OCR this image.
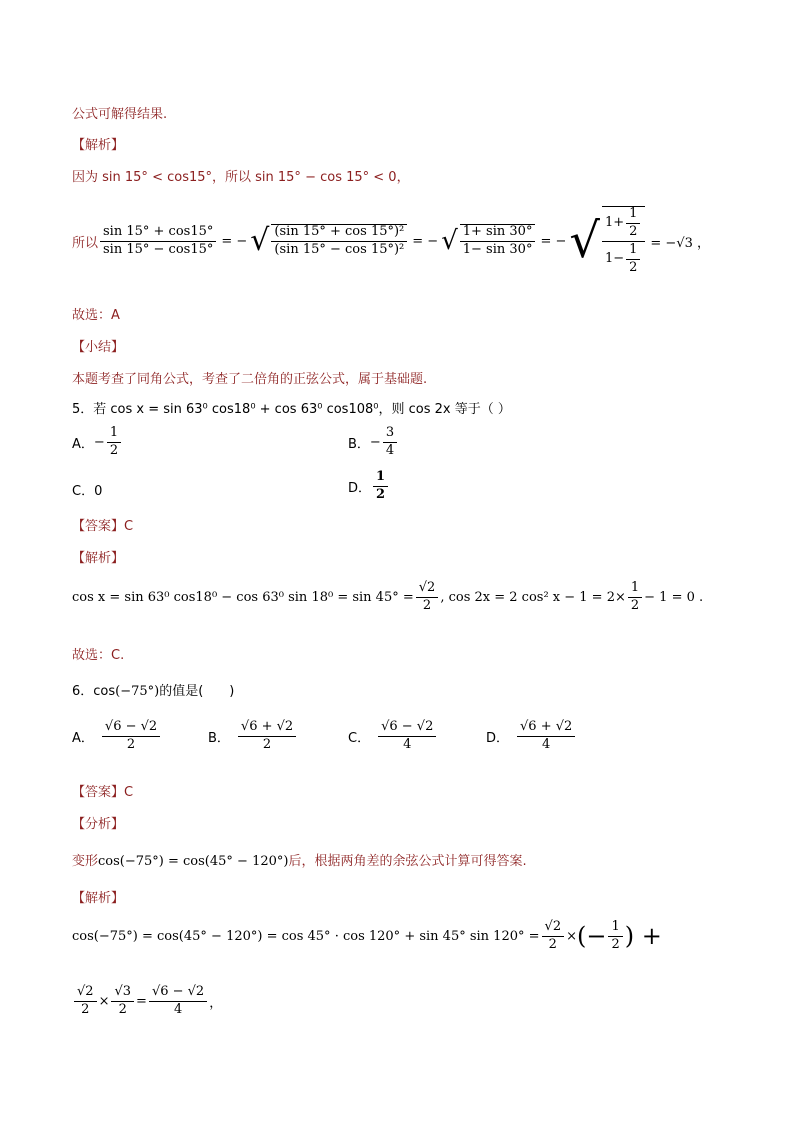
公式可解得结果.
【解析】
因为 sin 15° < cos15°，所以 sin 15° − cos 15° < 0，
所以 $\frac{\sin 15^\circ + \cos 15^\circ}{\sin 15^\circ - \cos 15^\circ}$ = − √ $\frac{\text{(sin 15° + cos 15°)²}}{\text{(sin 15° − cos 15°)²}}$ = − √ $\frac{1+ \sin 30^\circ}{1- \sin 30^\circ}$ = − √ $\frac{1+ \frac{1}{2}}{1- \frac{1}{2}} = -√3$ ，
故选：A
【小结】
本题考查了同角公式，考查了二倍角的正弦公式，属于基础题.
5．若 cos x = sin 63⁰ cos18⁰ + cos 63⁰ cos108⁰，则 cos 2x 等于（ ）
A． − $\frac{1}{2}$	B． − $\frac{3}{4}$
C．0	D． $\frac{1}{2}$
【答案】C
【解析】
cos x = sin 63⁰ cos18⁰ − cos 63⁰ $\sin 18^0 = \sin 45^\circ = \frac{√2}{2}$ , cos 2x = 2 cos² $x - 1 = 2\times \frac{1}{2} - 1 = 0$ .
故选：C.
6．cos(−75°)的值是(　　)
A． $\frac{√6 - √2}{2}$	B． $\frac{√6 + √2}{2}$	C． $\frac{√6 - √2}{4}$	D． $\frac{√6 + √2}{4}$
【答案】C
【分析】
变形cos(−75°) = cos(45° − 120°)后，根据两角差的余弦公式计算可得答案.
【解析】
cos(−75°) = cos(45° − 120°) = cos 45° · cos 120° + sin 45° $\sin 120^\circ = \frac{√2}{2}$ × (− $\frac{1}{2}$ ) +
$\frac{√2}{2} \times \frac{√3}{2} = \frac{√6 - √2}{4}$ ，
